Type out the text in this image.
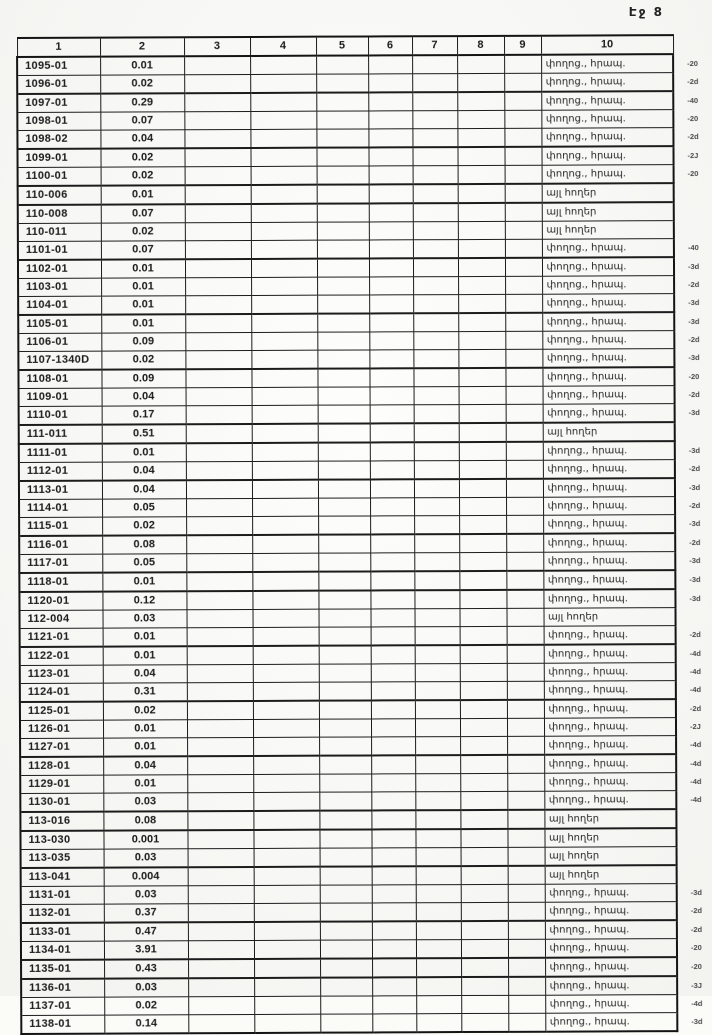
Էջ 8
1	2	3	4	5	6	7	8	9	10	
1095-01	0.01								փողոց., հրապ.	-20
1096-01	0.02								փողոց., հրապ.	-2d
1097-01	0.29								փողոց., հրապ.	-40
1098-01	0.07								փողոց., հրապ.	-20
1098-02	0.04								փողոց., հրապ.	-2d
1099-01	0.02								փողոց., հրապ.	-2J
1100-01	0.02								փողոց., հրապ.	-20
110-006	0.01								այլ հողեր	
110-008	0.07								այլ հողեր	
110-011	0.02								այլ հողեր	
1101-01	0.07								փողոց., հրապ.	-40
1102-01	0.01								փողոց., հրապ.	-3d
1103-01	0.01								փողոց., հրապ.	-2d
1104-01	0.01								փողոց., հրապ.	-3d
1105-01	0.01								փողոց., հրապ.	-3d
1106-01	0.09								փողոց., հրապ.	-2d
1107-1340D	0.02								փողոց., հրապ.	-3d
1108-01	0.09								փողոց., հրապ.	-20
1109-01	0.04								փողոց., հրապ.	-2d
1110-01	0.17								փողոց., հրապ.	-3d
111-011	0.51								այլ հողեր	
1111-01	0.01								փողոց., հրապ.	-3d
1112-01	0.04								փողոց., հրապ.	-2d
1113-01	0.04								փողոց., հրապ.	-3d
1114-01	0.05								փողոց., հրապ.	-2d
1115-01	0.02								փողոց., հրապ.	-3d
1116-01	0.08								փողոց., հրապ.	-2d
1117-01	0.05								փողոց., հրապ.	-3d
1118-01	0.01								փողոց., հրապ.	-3d
1120-01	0.12								փողոց., հրապ.	-3d
112-004	0.03								այլ հողեր	
1121-01	0.01								փողոց., հրապ.	-2d
1122-01	0.01								փողոց., հրապ.	-4d
1123-01	0.04								փողոց., հրապ.	-4d
1124-01	0.31								փողոց., հրապ.	-4d
1125-01	0.02								փողոց., հրապ.	-2d
1126-01	0.01								փողոց., հրապ.	-2J
1127-01	0.01								փողոց., հրապ.	-4d
1128-01	0.04								փողոց., հրապ.	-4d
1129-01	0.01								փողոց., հրապ.	-4d
1130-01	0.03								փողոց., հրապ.	-4d
113-016	0.08								այլ հողեր	
113-030	0.001								այլ հողեր	
113-035	0.03								այլ հողեր	
113-041	0.004								այլ հողեր	
1131-01	0.03								փողոց., հրապ.	-3d
1132-01	0.37								փողոց., հրապ.	-2d
1133-01	0.47								փողոց., հրապ.	-2d
1134-01	3.91								փողոց., հրապ.	-20
1135-01	0.43								փողոց., հրապ.	-20
1136-01	0.03								փողոց., հրապ.	-3J
1137-01	0.02								փողոց., հրապ.	-4d
1138-01	0.14								փողոց., հրապ.	-3d
